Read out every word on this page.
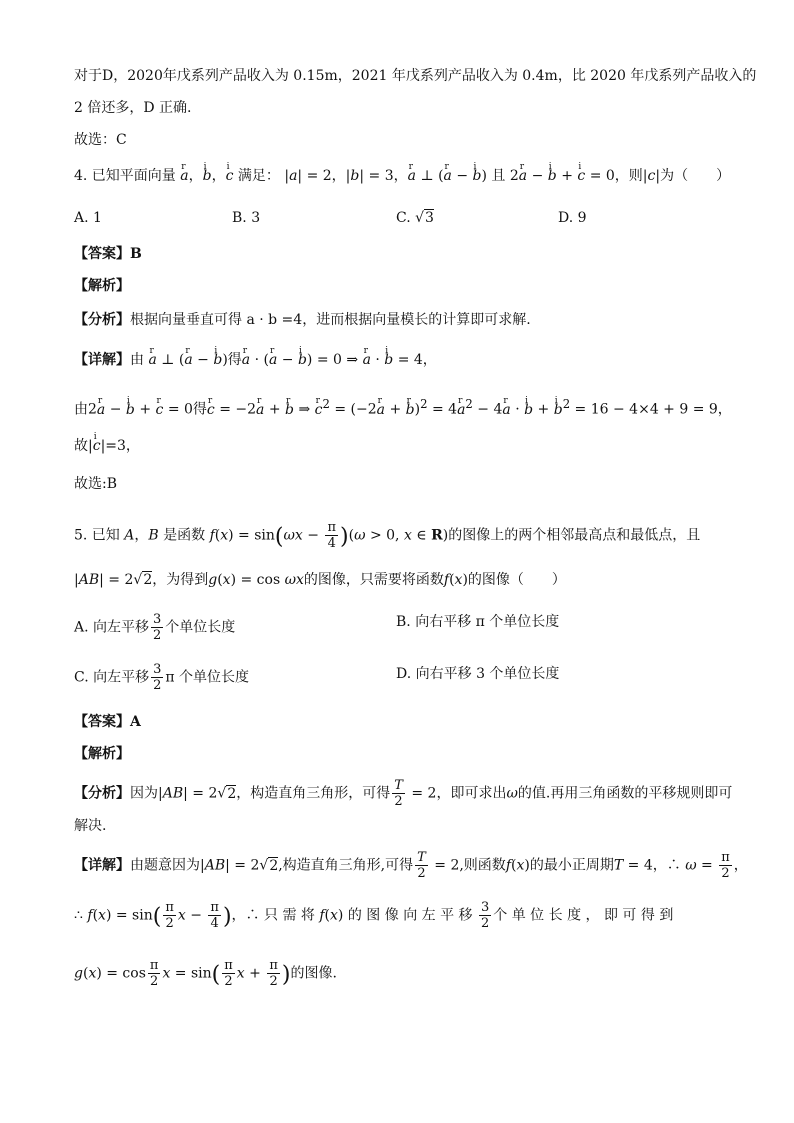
对于D，2020年戊系列产品收入为 0.15m，2021 年戊系列产品收入为 0.4m，比 2020 年戊系列产品收入的
2 倍还多，D 正确.
故选：C
4. 已知平面向量 r a，i b，i c 满足： |a| = 2，|b| = 3，r a ⊥ (r a − i b) 且 2r a − i b + i c = 0，则|c|为（　　）
A. 1	B. 3	C. √3	D. 9
【答案】B
【解析】
【分析】根据向量垂直可得 a · b =4，进而根据向量模长的计算即可求解.
【详解】由 r a ⊥ (r a − i b)得r a · (r a − i b) = 0 ⇒ r a · i b = 4，
由2r a − i b + r c = 0得r c = −2r a + r b ⇒ r $c^2 = (-2r$ a + r b)$^2$ = 4r $a^2 - 4r$ a · i b + i $b^2 = 16 - 4\times 4 + 9 = 9$，
故|i c|=3，
故选:B
5. 已知 A，B 是函数 $f(x) = \sin(\omega x - \frac{\pi}{4} )(\omega > 0$, x ∈ R)的图像上的两个相邻最高点和最低点，且
|AB| = 2√2，为得到g(x) = cos ωx的图像，只需要将函数f(x)的图像（　　）
A. 向左平移 $\frac{3}{2}$ 个单位长度	B. 向右平移 π 个单位长度
C. 向左平移 $\frac{3}{2}$ π 个单位长度	D. 向右平移 3 个单位长度
【答案】A
【解析】
【分析】因为|AB| = 2√2，构造直角三角形，可得 $\frac{T}{2} = 2$，即可求出ω的值.再用三角函数的平移规则即可
解决.
【详解】由题意因为|AB| = 2√2,构造直角三角形,可得 $\frac{T}{2} = 2$,则函数f(x)的最小正周期T = 4，∴ $\omega = \frac{\pi}{2}$ ，
∴ $f(x) = \sin( \frac{\pi}{2}$ $x - \frac{\pi}{4}$ )，∴ 只 需 将 f(x) 的 图 像 向 左 平 移 $\frac{3}{2}$ 个 单 位 长 度 ， 即 可 得 到
$g(x) = \cos \frac{\pi}{2}$ $x = \sin( \frac{\pi}{2}$ $x + \frac{\pi}{2}$ )的图像.
